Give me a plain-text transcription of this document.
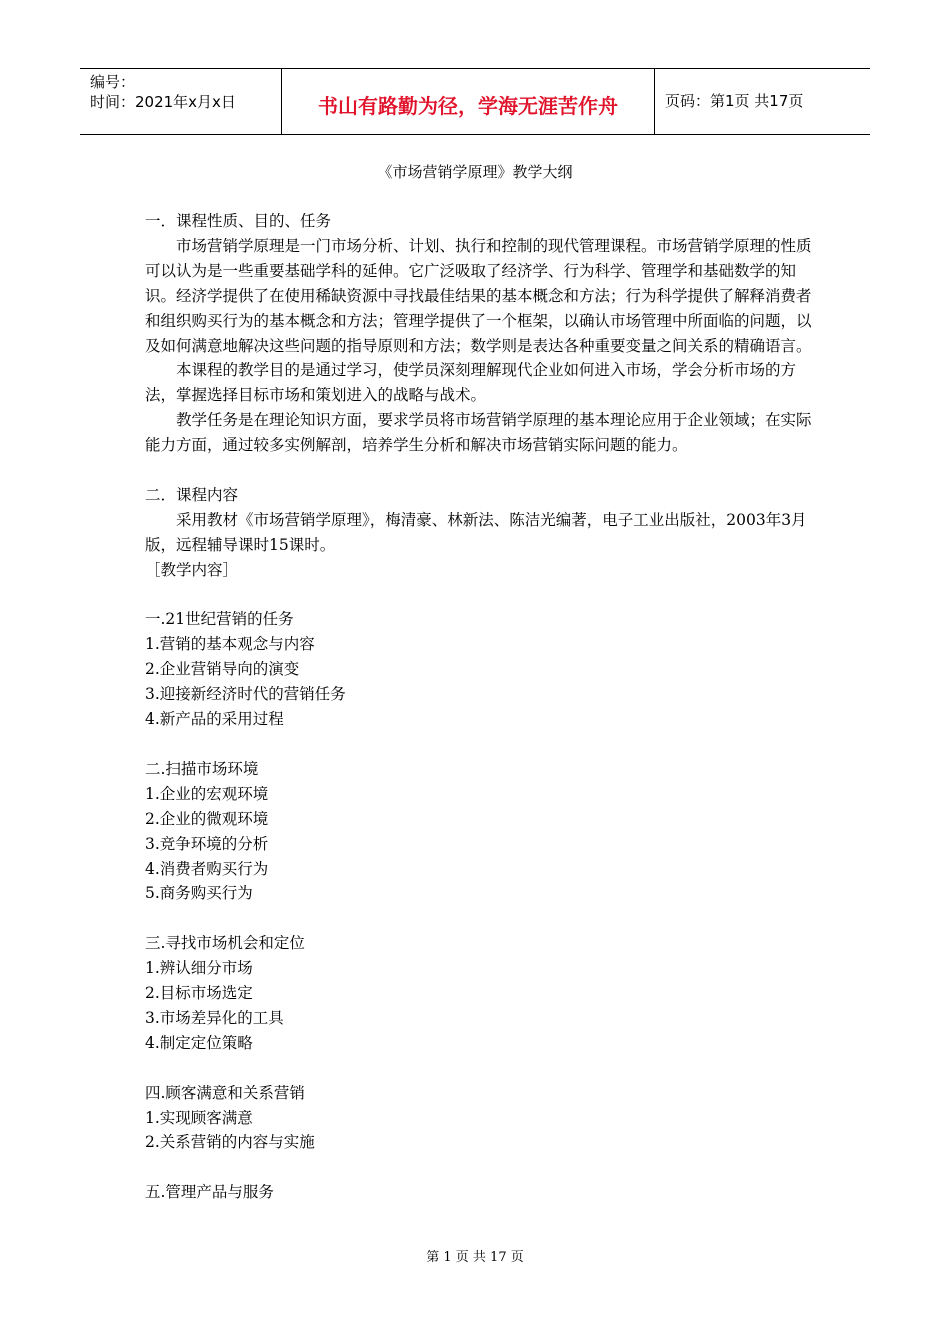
编号：
时间：2021年x月x日	书山有路勤为径，学海无涯苦作舟	页码：第1页 共17页
《市场营销学原理》教学大纲

一．课程性质、目的、任务

市场营销学原理是一门市场分析、计划、执行和控制的现代管理课程。市场营销学原理的性质可以认为是一些重要基础学科的延伸。它广泛吸取了经济学、行为科学、管理学和基础数学的知识。经济学提供了在使用稀缺资源中寻找最佳结果的基本概念和方法；行为科学提供了解释消费者和组织购买行为的基本概念和方法；管理学提供了一个框架，以确认市场管理中所面临的问题，以及如何满意地解决这些问题的指导原则和方法；数学则是表达各种重要变量之间关系的精确语言。

本课程的教学目的是通过学习，使学员深刻理解现代企业如何进入市场，学会分析市场的方法，掌握选择目标市场和策划进入的战略与战术。

教学任务是在理论知识方面，要求学员将市场营销学原理的基本理论应用于企业领域；在实际能力方面，通过较多实例解剖，培养学生分析和解决市场营销实际问题的能力。

二．课程内容

采用教材《市场营销学原理》，梅清豪、林新法、陈洁光编著，电子工业出版社，2003年3月版，远程辅导课时15课时。

［教学内容］

一.21世纪营销的任务

1.营销的基本观念与内容

2.企业营销导向的演变

3.迎接新经济时代的营销任务

4.新产品的采用过程

二.扫描市场环境

1.企业的宏观环境

2.企业的微观环境

3.竞争环境的分析

4.消费者购买行为

5.商务购买行为

三.寻找市场机会和定位

1.辨认细分市场

2.目标市场选定

3.市场差异化的工具

4.制定定位策略

四.顾客满意和关系营销

1.实现顾客满意

2.关系营销的内容与实施

五.管理产品与服务

第 1 页 共 17 页
